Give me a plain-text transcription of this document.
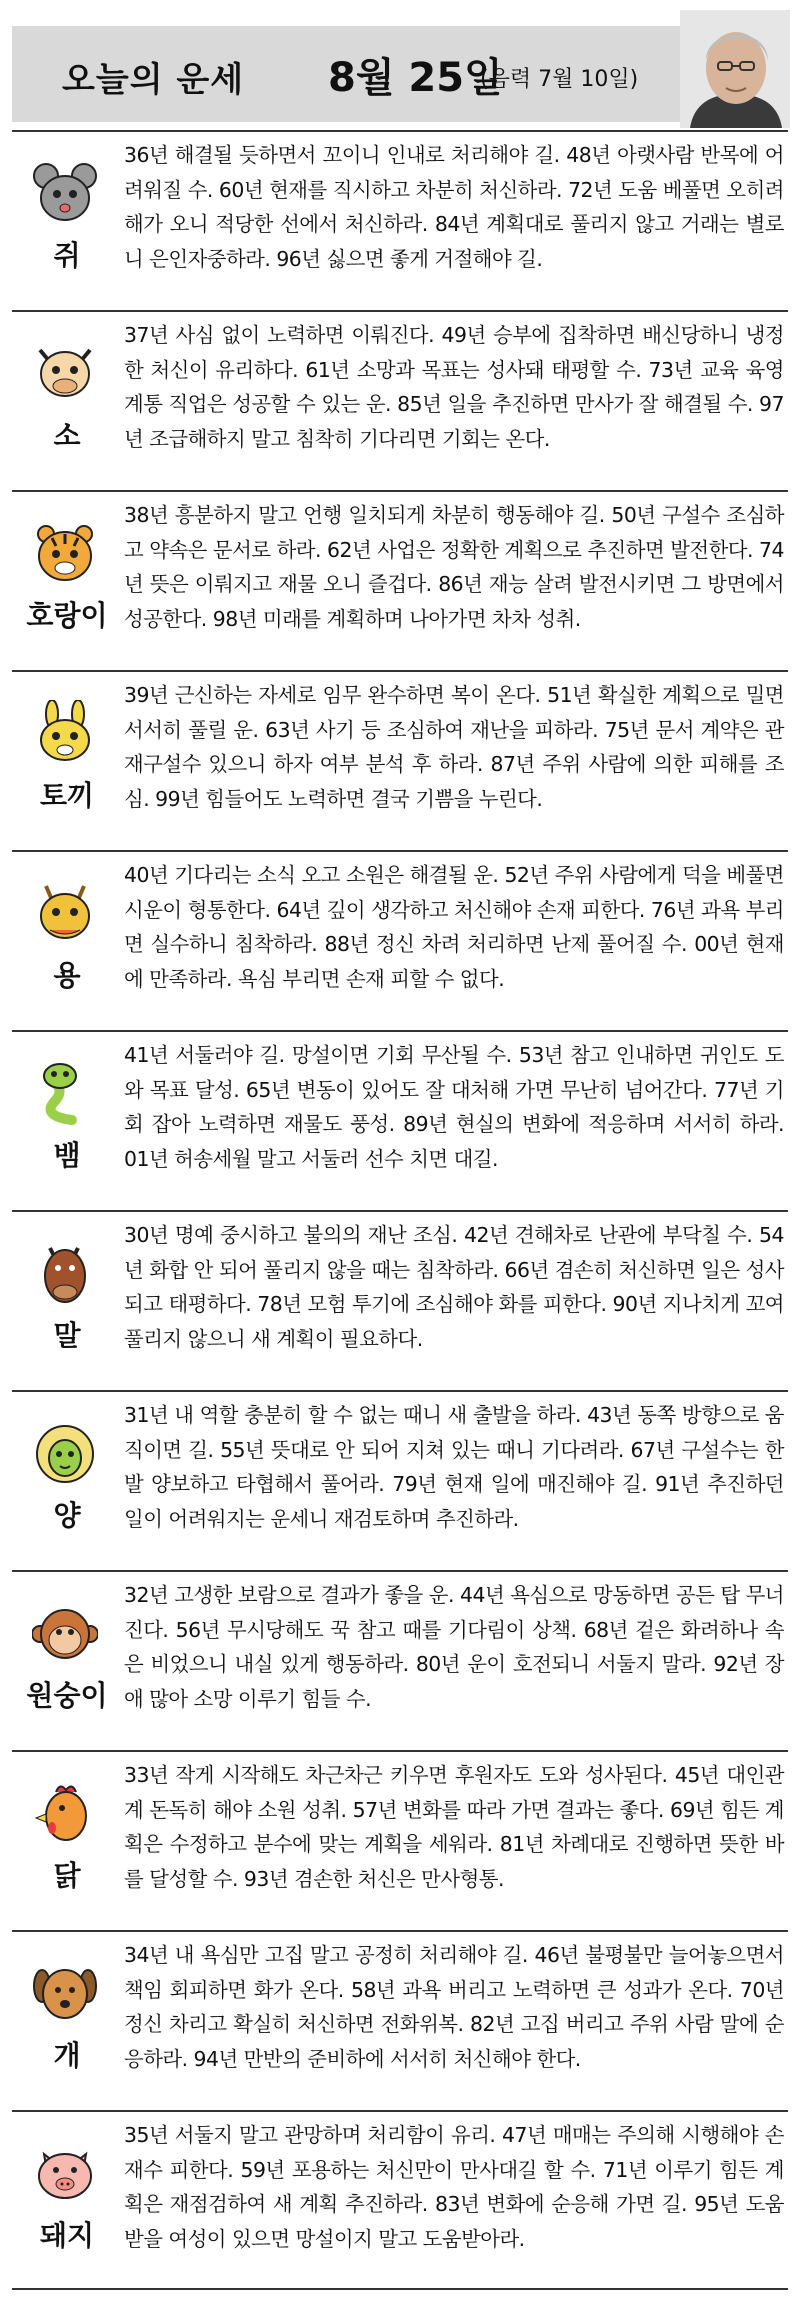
오늘의 운세 8월 25일
(음력 7월 10일)
쥐
36년 해결될 듯하면서 꼬이니 인내로 처리해야 길. 48년 아랫사람 반목에 어려워질 수. 60년 현재를 직시하고 차분히 처신하라. 72년 도움 베풀면 오히려 해가 오니 적당한 선에서 처신하라. 84년 계획대로 풀리지 않고 거래는 별로니 은인자중하라. 96년 싫으면 좋게 거절해야 길.
소
37년 사심 없이 노력하면 이뤄진다. 49년 승부에 집착하면 배신당하니 냉정한 처신이 유리하다. 61년 소망과 목표는 성사돼 태평할 수. 73년 교육 육영 계통 직업은 성공할 수 있는 운. 85년 일을 추진하면 만사가 잘 해결될 수. 97년 조급해하지 말고 침착히 기다리면 기회는 온다.
호랑이
38년 흥분하지 말고 언행 일치되게 차분히 행동해야 길. 50년 구설수 조심하고 약속은 문서로 하라. 62년 사업은 정확한 계획으로 추진하면 발전한다. 74년 뜻은 이뤄지고 재물 오니 즐겁다. 86년 재능 살려 발전시키면 그 방면에서 성공한다. 98년 미래를 계획하며 나아가면 차차 성취.
토끼
39년 근신하는 자세로 임무 완수하면 복이 온다. 51년 확실한 계획으로 밀면 서서히 풀릴 운. 63년 사기 등 조심하여 재난을 피하라. 75년 문서 계약은 관재구설수 있으니 하자 여부 분석 후 하라. 87년 주위 사람에 의한 피해를 조심. 99년 힘들어도 노력하면 결국 기쁨을 누린다.
용
40년 기다리는 소식 오고 소원은 해결될 운. 52년 주위 사람에게 덕을 베풀면 시운이 형통한다. 64년 깊이 생각하고 처신해야 손재 피한다. 76년 과욕 부리면 실수하니 침착하라. 88년 정신 차려 처리하면 난제 풀어질 수. 00년 현재에 만족하라. 욕심 부리면 손재 피할 수 없다.
뱀
41년 서둘러야 길. 망설이면 기회 무산될 수. 53년 참고 인내하면 귀인도 도와 목표 달성. 65년 변동이 있어도 잘 대처해 가면 무난히 넘어간다. 77년 기회 잡아 노력하면 재물도 풍성. 89년 현실의 변화에 적응하며 서서히 하라. 01년 허송세월 말고 서둘러 선수 치면 대길.
말
30년 명예 중시하고 불의의 재난 조심. 42년 견해차로 난관에 부닥칠 수. 54년 화합 안 되어 풀리지 않을 때는 침착하라. 66년 겸손히 처신하면 일은 성사되고 태평하다. 78년 모험 투기에 조심해야 화를 피한다. 90년 지나치게 꼬여 풀리지 않으니 새 계획이 필요하다.
양
31년 내 역할 충분히 할 수 없는 때니 새 출발을 하라. 43년 동쪽 방향으로 움직이면 길. 55년 뜻대로 안 되어 지쳐 있는 때니 기다려라. 67년 구설수는 한발 양보하고 타협해서 풀어라. 79년 현재 일에 매진해야 길. 91년 추진하던 일이 어려워지는 운세니 재검토하며 추진하라.
원숭이
32년 고생한 보람으로 결과가 좋을 운. 44년 욕심으로 망동하면 공든 탑 무너진다. 56년 무시당해도 꾹 참고 때를 기다림이 상책. 68년 겉은 화려하나 속은 비었으니 내실 있게 행동하라. 80년 운이 호전되니 서둘지 말라. 92년 장애 많아 소망 이루기 힘들 수.
닭
33년 작게 시작해도 차근차근 키우면 후원자도 도와 성사된다. 45년 대인관계 돈독히 해야 소원 성취. 57년 변화를 따라 가면 결과는 좋다. 69년 힘든 계획은 수정하고 분수에 맞는 계획을 세워라. 81년 차례대로 진행하면 뜻한 바를 달성할 수. 93년 겸손한 처신은 만사형통.
개
34년 내 욕심만 고집 말고 공정히 처리해야 길. 46년 불평불만 늘어놓으면서 책임 회피하면 화가 온다. 58년 과욕 버리고 노력하면 큰 성과가 온다. 70년 정신 차리고 확실히 처신하면 전화위복. 82년 고집 버리고 주위 사람 말에 순응하라. 94년 만반의 준비하에 서서히 처신해야 한다.
돼지
35년 서둘지 말고 관망하며 처리함이 유리. 47년 매매는 주의해 시행해야 손재수 피한다. 59년 포용하는 처신만이 만사대길 할 수. 71년 이루기 힘든 계획은 재점검하여 새 계획 추진하라. 83년 변화에 순응해 가면 길. 95년 도움받을 여성이 있으면 망설이지 말고 도움받아라.
